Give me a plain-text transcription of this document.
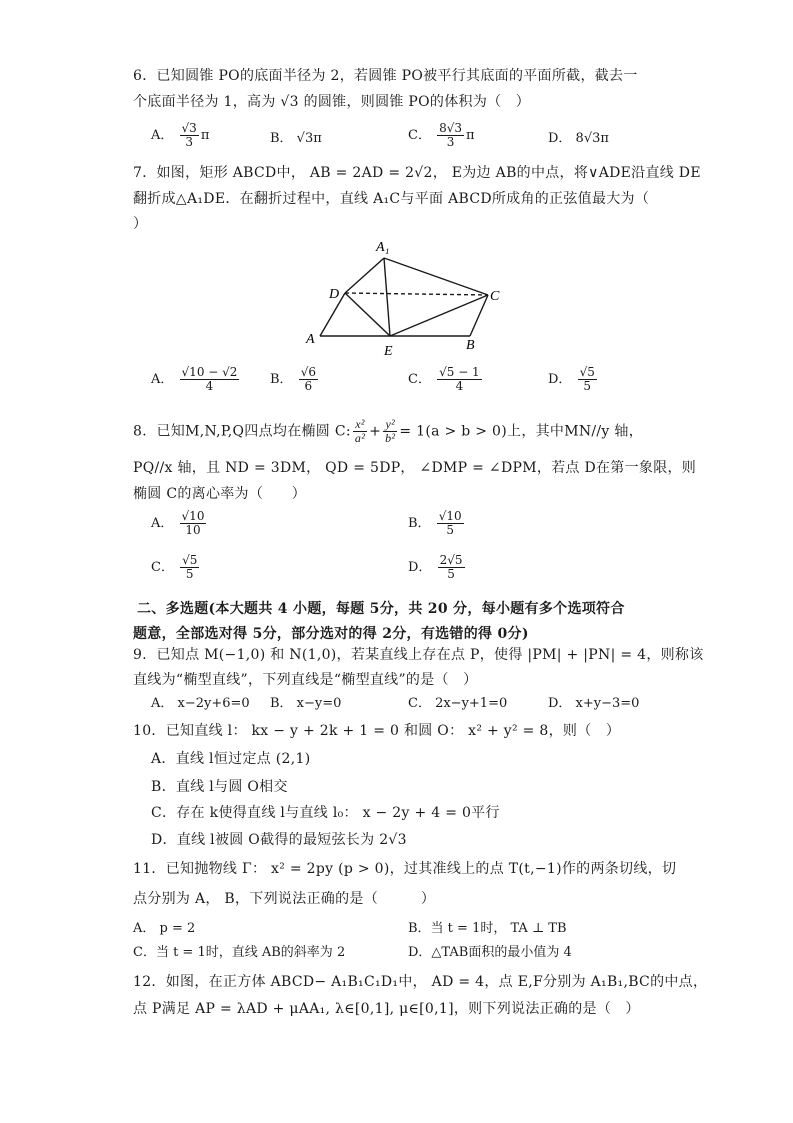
6．已知圆锥 PO的底面半径为 2，若圆锥 PO被平行其底面的平面所截，截去一
个底面半径为 1，高为 √3 的圆锥，则圆锥 PO的体积为（　）
A． $\frac{√3}{3}$ π	B． √3π	C． $\frac{8√3}{3}$ π	D． 8√3π
7．如图，矩形 ABCD中， AB = 2AD = 2√2， E为边 AB的中点，将∨ADE沿直线 DE
翻折成△A₁DE．在翻折过程中，直线 A₁C与平面 ABCD所成角的正弦值最大为（
）
A₁
D	C
A
E	B
A． $\frac{√10 - √2}{4}$ B． $\frac{√6}{6}$	C． $\frac{√5 - 1}{4}$	D． $\frac{√5}{5}$
8．已知M,N,P,Q四点均在椭圆 C: $\frac{\text{x²}}{\text{a²}} + \frac{\text{y²}}{\text{b²}} = 1(a > b > 0)$上，其中MN//y 轴，
PQ//x 轴，且 ND = 3DM， QD = 5DP， ∠DMP = ∠DPM，若点 D在第一象限，则
椭圆 C的离心率为（　　）
A． $\frac{√10}{10}$	B． $\frac{√10}{5}$
C． $\frac{√5}{5}$	D． $\frac{2√5}{5}$
二、多选题(本大题共 4 小题，每题 5分，共 20 分，每小题有多个选项符合
题意，全部选对得 5分，部分选对的得 2分，有选错的得 0分)
9．已知点 M(−1,0) 和 N(1,0)，若某直线上存在点 P，使得 |PM| + |PN| = 4，则称该
直线为“椭型直线”，下列直线是“椭型直线”的是（　）
A． x−2y+6=0 B． x−y=0	C． 2x−y+1=0	D． x+y−3=0
10．已知直线 l： kx − y + 2k + 1 = 0 和圆 O： x² + y² = 8，则（　）
A．直线 l恒过定点 (2,1)
B．直线 l与圆 O相交
C．存在 k使得直线 l与直线 l₀： x − 2y + 4 = 0平行
D．直线 l被圆 O截得的最短弦长为 2√3
11．已知抛物线 Γ： x² = 2py (p > 0)，过其准线上的点 T(t,−1)作的两条切线，切
点分别为 A， B，下列说法正确的是（　　　）
A． p = 2	B．当 t = 1时， TA ⊥ TB
C．当 t = 1时，直线 AB的斜率为 2	D．△TAB面积的最小值为 4
12．如图，在正方体 ABCD− A₁B₁C₁D₁中， AD = 4，点 E,F分别为 A₁B₁,BC的中点，
点 P满足 AP = λAD + μAA₁, λ∈[0,1], μ∈[0,1]，则下列说法正确的是（　）
